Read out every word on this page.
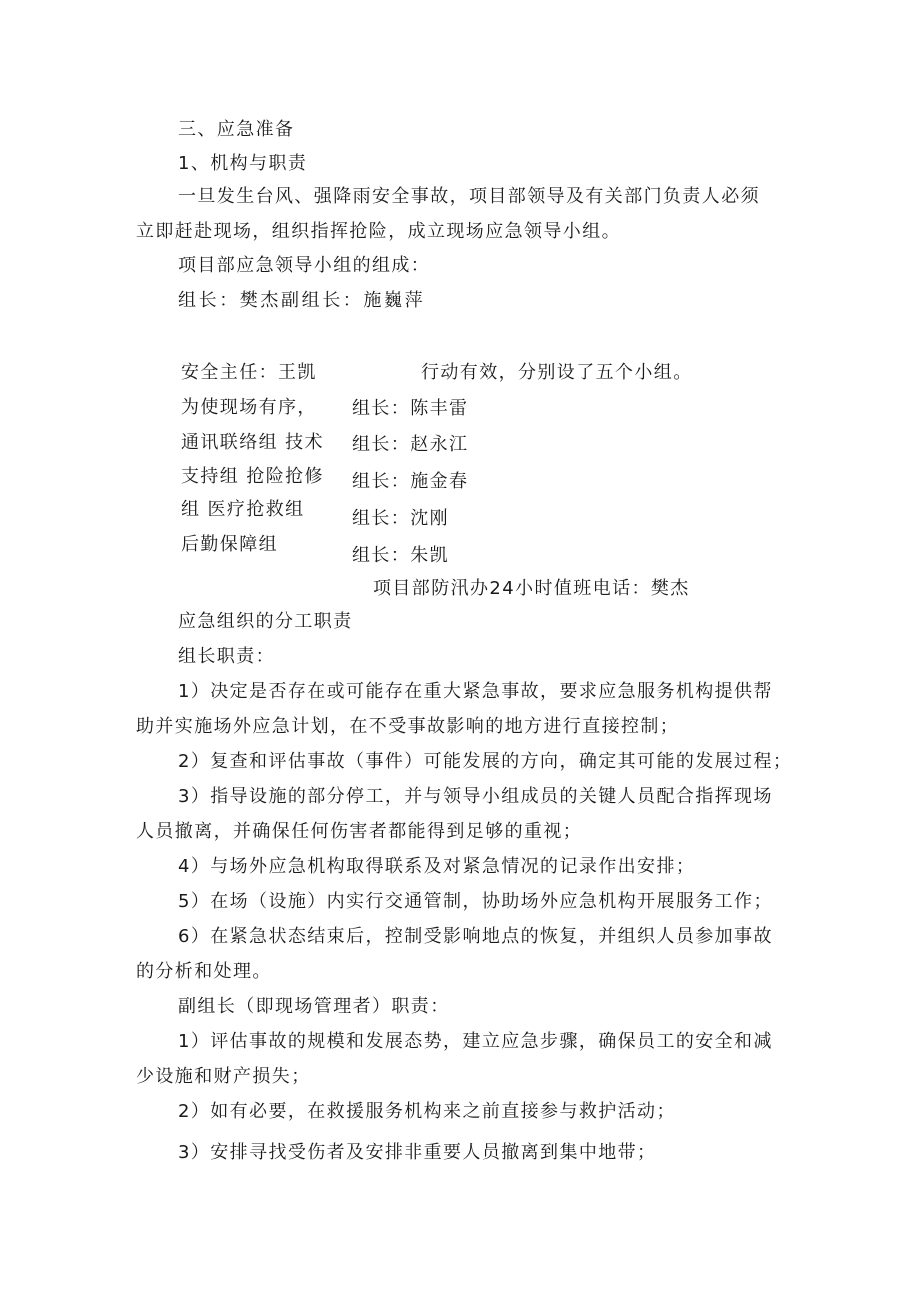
三、应急准备
1、机构与职责
一旦发生台风、强降雨安全事故，项目部领导及有关部门负责人必须
立即赶赴现场，组织指挥抢险，成立现场应急领导小组。
项目部应急领导小组的组成：
组长：樊杰副组长：施巍萍
安全主任：王凯	行动有效，分别设了五个小组。
为使现场有序，
通讯联络组 技术
支持组 抢险抢修
组 医疗抢救组
后勤保障组
组长：陈丰雷
组长：赵永江
组长：施金春
组长：沈刚
组长：朱凯
项目部防汛办24小时值班电话：樊杰
应急组织的分工职责
组长职责：
1）决定是否存在或可能存在重大紧急事故，要求应急服务机构提供帮
助并实施场外应急计划，在不受事故影响的地方进行直接控制；
2）复查和评估事故（事件）可能发展的方向，确定其可能的发展过程；
3）指导设施的部分停工，并与领导小组成员的关键人员配合指挥现场
人员撤离，并确保任何伤害者都能得到足够的重视；
4）与场外应急机构取得联系及对紧急情况的记录作出安排；
5）在场（设施）内实行交通管制，协助场外应急机构开展服务工作；
6）在紧急状态结束后，控制受影响地点的恢复，并组织人员参加事故
的分析和处理。
副组长（即现场管理者）职责：
1）评估事故的规模和发展态势，建立应急步骤，确保员工的安全和减
少设施和财产损失；
2）如有必要，在救援服务机构来之前直接参与救护活动；
3）安排寻找受伤者及安排非重要人员撤离到集中地带；
